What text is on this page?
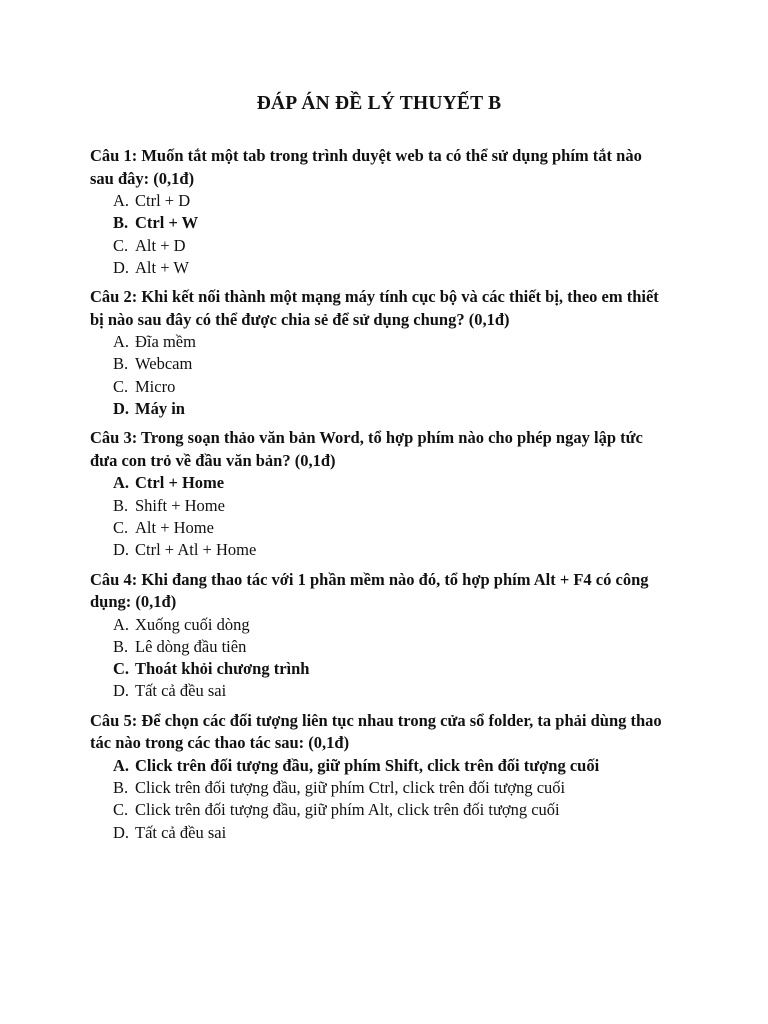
ĐÁP ÁN ĐỀ LÝ THUYẾT B

Câu 1: Muốn tắt một tab trong trình duyệt web ta có thể sử dụng phím tắt nào sau đây: (0,1đ)

A. Ctrl + D
B. Ctrl + W
C. Alt + D
D. Alt + W

Câu 2: Khi kết nối thành một mạng máy tính cục bộ và các thiết bị, theo em thiết bị nào sau đây có thể được chia sẻ để sử dụng chung? (0,1đ)

A. Đĩa mềm
B. Webcam
C. Micro
D. Máy in

Câu 3: Trong soạn thảo văn bản Word, tổ hợp phím nào cho phép ngay lập tức đưa con trỏ về đầu văn bản? (0,1đ)

A. Ctrl + Home
B. Shift + Home
C. Alt + Home
D. Ctrl + Atl + Home

Câu 4: Khi đang thao tác với 1 phần mềm nào đó, tổ hợp phím Alt + F4 có công dụng: (0,1đ)

A. Xuống cuối dòng
B. Lê dòng đầu tiên
C. Thoát khỏi chương trình
D. Tất cả đều sai

Câu 5: Để chọn các đối tượng liên tục nhau trong cửa sổ folder, ta phải dùng thao tác nào trong các thao tác sau: (0,1đ)

A. Click trên đối tượng đầu, giữ phím Shift, click trên đối tượng cuối
B. Click trên đối tượng đầu, giữ phím Ctrl, click trên đối tượng cuối
C. Click trên đối tượng đầu, giữ phím Alt, click trên đối tượng cuối
D. Tất cả đều sai
